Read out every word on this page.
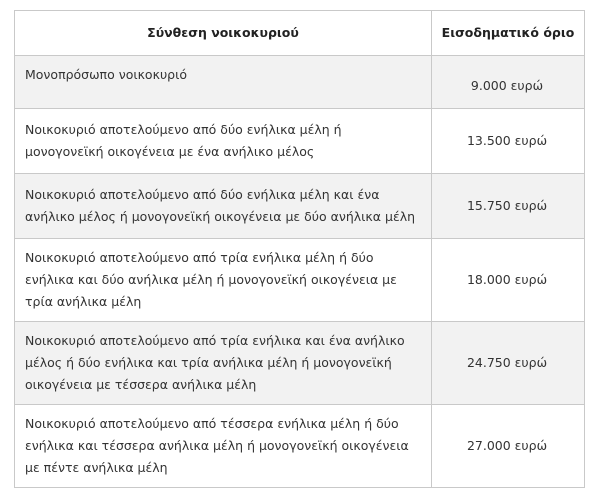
Σύνθεση νοικοκυριού	Εισοδηματικό όριο
Μονοπρόσωπο νοικοκυριό	9.000 ευρώ
Νοικοκυριό αποτελούμενο από δύο ενήλικα μέλη ή μονογονεϊκή οικογένεια με ένα ανήλικο μέλος	13.500 ευρώ
Νοικοκυριό αποτελούμενο από δύο ενήλικα μέλη και ένα ανήλικο μέλος ή μονογονεϊκή οικογένεια με δύο ανήλικα μέλη	15.750 ευρώ
Νοικοκυριό αποτελούμενο από τρία ενήλικα μέλη ή δύο ενήλικα και δύο ανήλικα μέλη ή μονογονεϊκή οικογένεια με τρία ανήλικα μέλη	18.000 ευρώ
Νοικοκυριό αποτελούμενο από τρία ενήλικα και ένα ανήλικο μέλος ή δύο ενήλικα και τρία ανήλικα μέλη ή μονογονεϊκή οικογένεια με τέσσερα ανήλικα μέλη	24.750 ευρώ
Νοικοκυριό αποτελούμενο από τέσσερα ενήλικα μέλη ή δύο ενήλικα και τέσσερα ανήλικα μέλη ή μονογονεϊκή οικογένεια με πέντε ανήλικα μέλη	27.000 ευρώ
